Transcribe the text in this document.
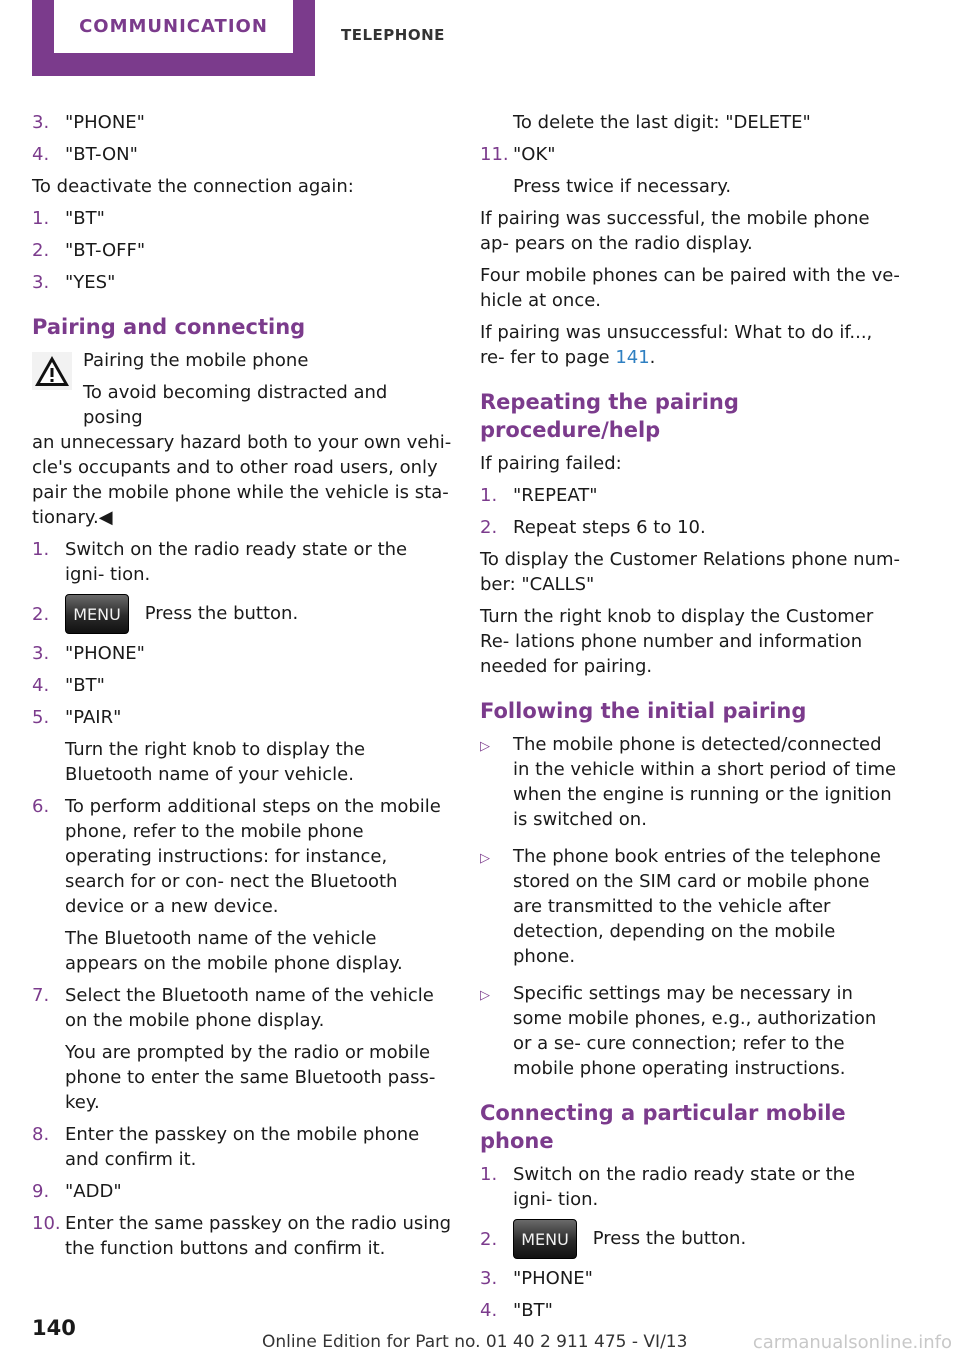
COMMUNICATION	TELEPHONE
3. "PHONE"
4. "BT-ON"

To deactivate the connection again:

1. "BT"
2. "BT-OFF"
3. "YES"
Pairing and connecting

Pairing the mobile phone

To avoid becoming distracted and posing

an unnecessary hazard both to your own vehi‐ cle's occupants and to other road users, only pair the mobile phone while the vehicle is sta‐ tionary.◀

1. Switch on the radio ready state or the igni‐ tion.
2.	MENU Press the button.
3. "PHONE"
4. "BT"
5. "PAIR"

Turn the right knob to display the Bluetooth name of your vehicle.

6. To perform additional steps on the mobile phone, refer to the mobile phone operating instructions: for instance, search for or con‐ nect the Bluetooth device or a new device.

The Bluetooth name of the vehicle appears on the mobile phone display.

7. Select the Bluetooth name of the vehicle on the mobile phone display.

You are prompted by the radio or mobile phone to enter the same Bluetooth pass‐ key.

8. Enter the passkey on the mobile phone and confirm it.
9. "ADD"
10. Enter the same passkey on the radio using the function buttons and confirm it.

To delete the last digit: "DELETE"

11. "OK"

Press twice if necessary.

If pairing was successful, the mobile phone ap‐ pears on the radio display.

Four mobile phones can be paired with the ve‐ hicle at once.

If pairing was unsuccessful: What to do if..., re‐ fer to page 141.

Repeating the pairing procedure/help

If pairing failed:

1. "REPEAT"
2. Repeat steps 6 to 10.

To display the Customer Relations phone num‐ ber: "CALLS"

Turn the right knob to display the Customer Re‐ lations phone number and information needed for pairing.

Following the initial pairing
▷	The mobile phone is detected/connected in the vehicle within a short period of time when the engine is running or the ignition is switched on.
▷	The phone book entries of the telephone stored on the SIM card or mobile phone are transmitted to the vehicle after detection, depending on the mobile phone.
▷	Specific settings may be necessary in some mobile phones, e.g., authorization or a se‐ cure connection; refer to the mobile phone operating instructions.
Connecting a particular mobile phone
1. Switch on the radio ready state or the igni‐ tion.
2.	MENU Press the button.
3. "PHONE"
4. "BT"
140
Online Edition for Part no. 01 40 2 911 475 - VI/13	carmanualsonline.info
